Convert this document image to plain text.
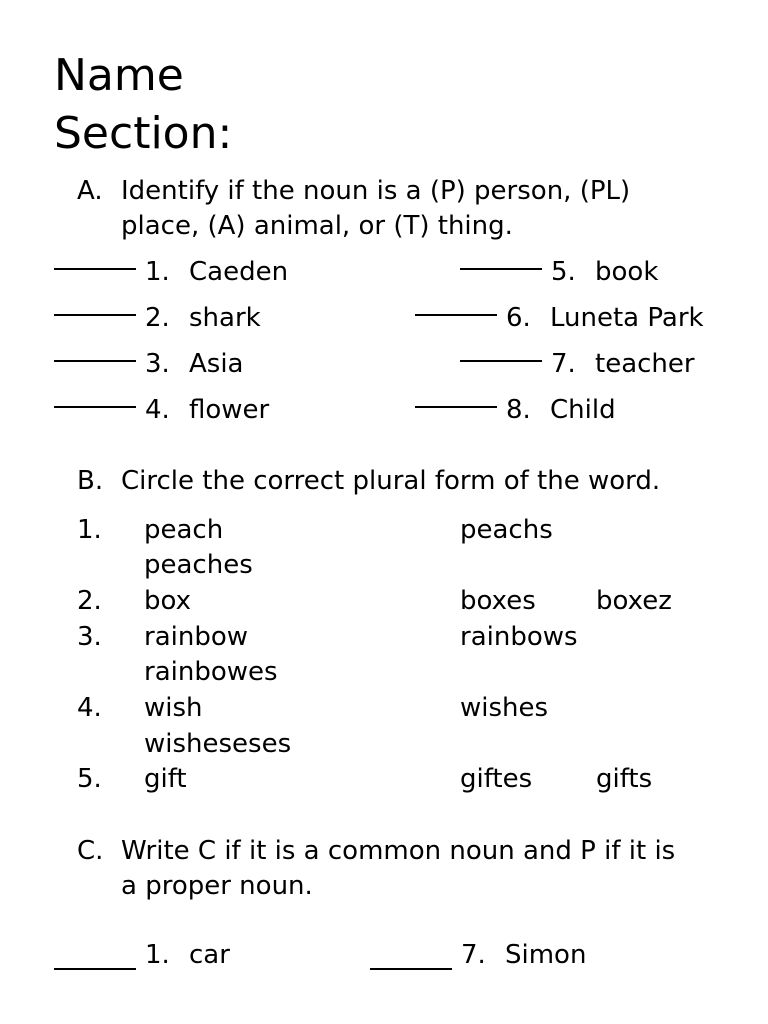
Name
Section:
A. Identify if the noun is a (P) person, (PL)
place, (A) animal, or (T) thing.
1. Caeden
2. shark
3. Asia
4. flower
5. book
6. Luneta Park
7. teacher
8. Child
B. Circle the correct plural form of the word.
1. peach	peachs
peaches
2. box	boxes boxez
3. rainbow	rainbows
rainbowes
4. wish	wishes
wisheseses
5. gift	giftes gifts
C. Write C if it is a common noun and P if it is
a proper noun.
1. car	7. Simon
